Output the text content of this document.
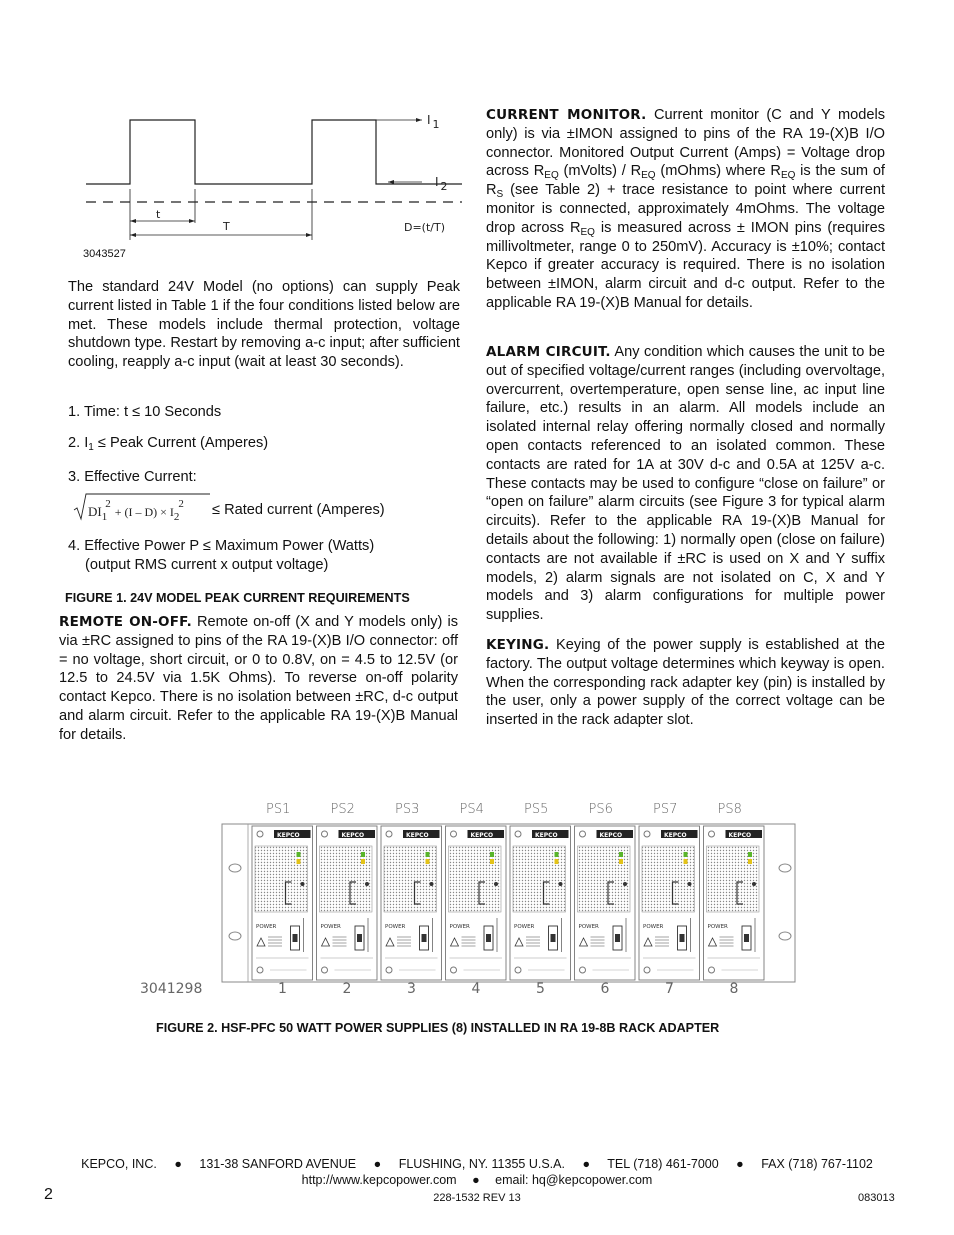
I 1
I 2
t
T	D=(t/T)
3043527

The standard 24V Model (no options) can supply Peak current listed in Table 1 if the four conditions listed below are met. These models include thermal protection, voltage shutdown type. Restart by removing a-c input; after sufficient cooling, reapply a-c input (wait at least 30 seconds).

1. Time: t ≤ 10 Seconds
2. $I_1$ ≤ Peak Current (Amperes)
3. Effective Current:
$DI_12+ (I - D) \times I_22$ ≤ Rated current (Amperes)
4. Effective Power P ≤ Maximum Power (Watts)
(output RMS current x output voltage)
FIGURE 1. 24V MODEL PEAK CURRENT REQUIREMENTS

REMOTE ON-OFF. Remote on-off (X and Y models only) is via ±RC assigned to pins of the RA 19-(X)B I/O connector: off = no voltage, short circuit, or 0 to 0.8V, on = 4.5 to 12.5V (or 12.5 to 24.5V via 1.5K Ohms). To reverse on-off polarity contact Kepco. There is no isolation between ±RC, d-c output and alarm circuit. Refer to the applicable RA 19-(X)B Manual for details.

CURRENT MONITOR. Current monitor (C and Y models only) is via ±IMON assigned to pins of the RA 19-(X)B I/O connector. Monitored Output Current (Amps) = Voltage drop across $R_{EQ}$ (mVolts) / $R_{EQ}$ (mOhms) where $R_{EQ}$ is the sum of $R_S$ (see Table 2) + trace resistance to point where current monitor is connected, approximately 4mOhms. The voltage drop across $R_{EQ}$ is measured across ± IMON pins (requires millivoltmeter, range 0 to 250mV). Accuracy is ±10%; contact Kepco if greater accuracy is required. There is no isolation between ±IMON, alarm circuit and d-c output. Refer to the applicable RA 19-(X)B Manual for details.

ALARM CIRCUIT. Any condition which causes the unit to be out of specified voltage/current ranges (including overvoltage, overcurrent, overtemperature, open sense line, ac input line failure, etc.) results in an alarm. All models include an isolated internal relay offering normally closed and normally open contacts referenced to an isolated common. These contacts are rated for 1A at 30V d-c and 0.5A at 125V a-c. These contacts may be used to configure “close on failure” or “open on failure” alarm circuits (see Figure 3 for typical alarm circuits). Refer to the applicable RA 19-(X)B Manual for details about the following: 1) normally open (close on failure) contacts are not available if ±RC is used on X and Y suffix models, 2) alarm signals are not isolated on C, X and Y models and 3) alarm configurations for multiple power supplies.

KEYING. Keying of the power supply is established at the factory. The output voltage determines which keyway is open. When the corresponding rack adapter key (pin) is installed by the user, only a power supply of the correct voltage can be inserted in the rack adapter slot.

KEPCO
POWER
KEPCO
POWER
KEPCO
POWER
KEPCO
POWER
KEPCO
POWER
KEPCO
POWER
KEPCO
POWER
KEPCO
POWER
PS1	PS2	PS3	PS4	PS5	PS6	PS7	PS8
1	2	3	4	5	6	7	8
3041298
FIGURE 2. HSF-PFC 50 WATT POWER SUPPLIES (8) INSTALLED IN RA 19-8B RACK ADAPTER
KEPCO, INC. ● 131-38 SANFORD AVENUE ● FLUSHING, NY. 11355 U.S.A. ● TEL (718) 461-7000 ● FAX (718) 767-1102
http://www.kepcopower.com ● email: hq@kepcopower.com
2	228-1532 REV 13	083013
